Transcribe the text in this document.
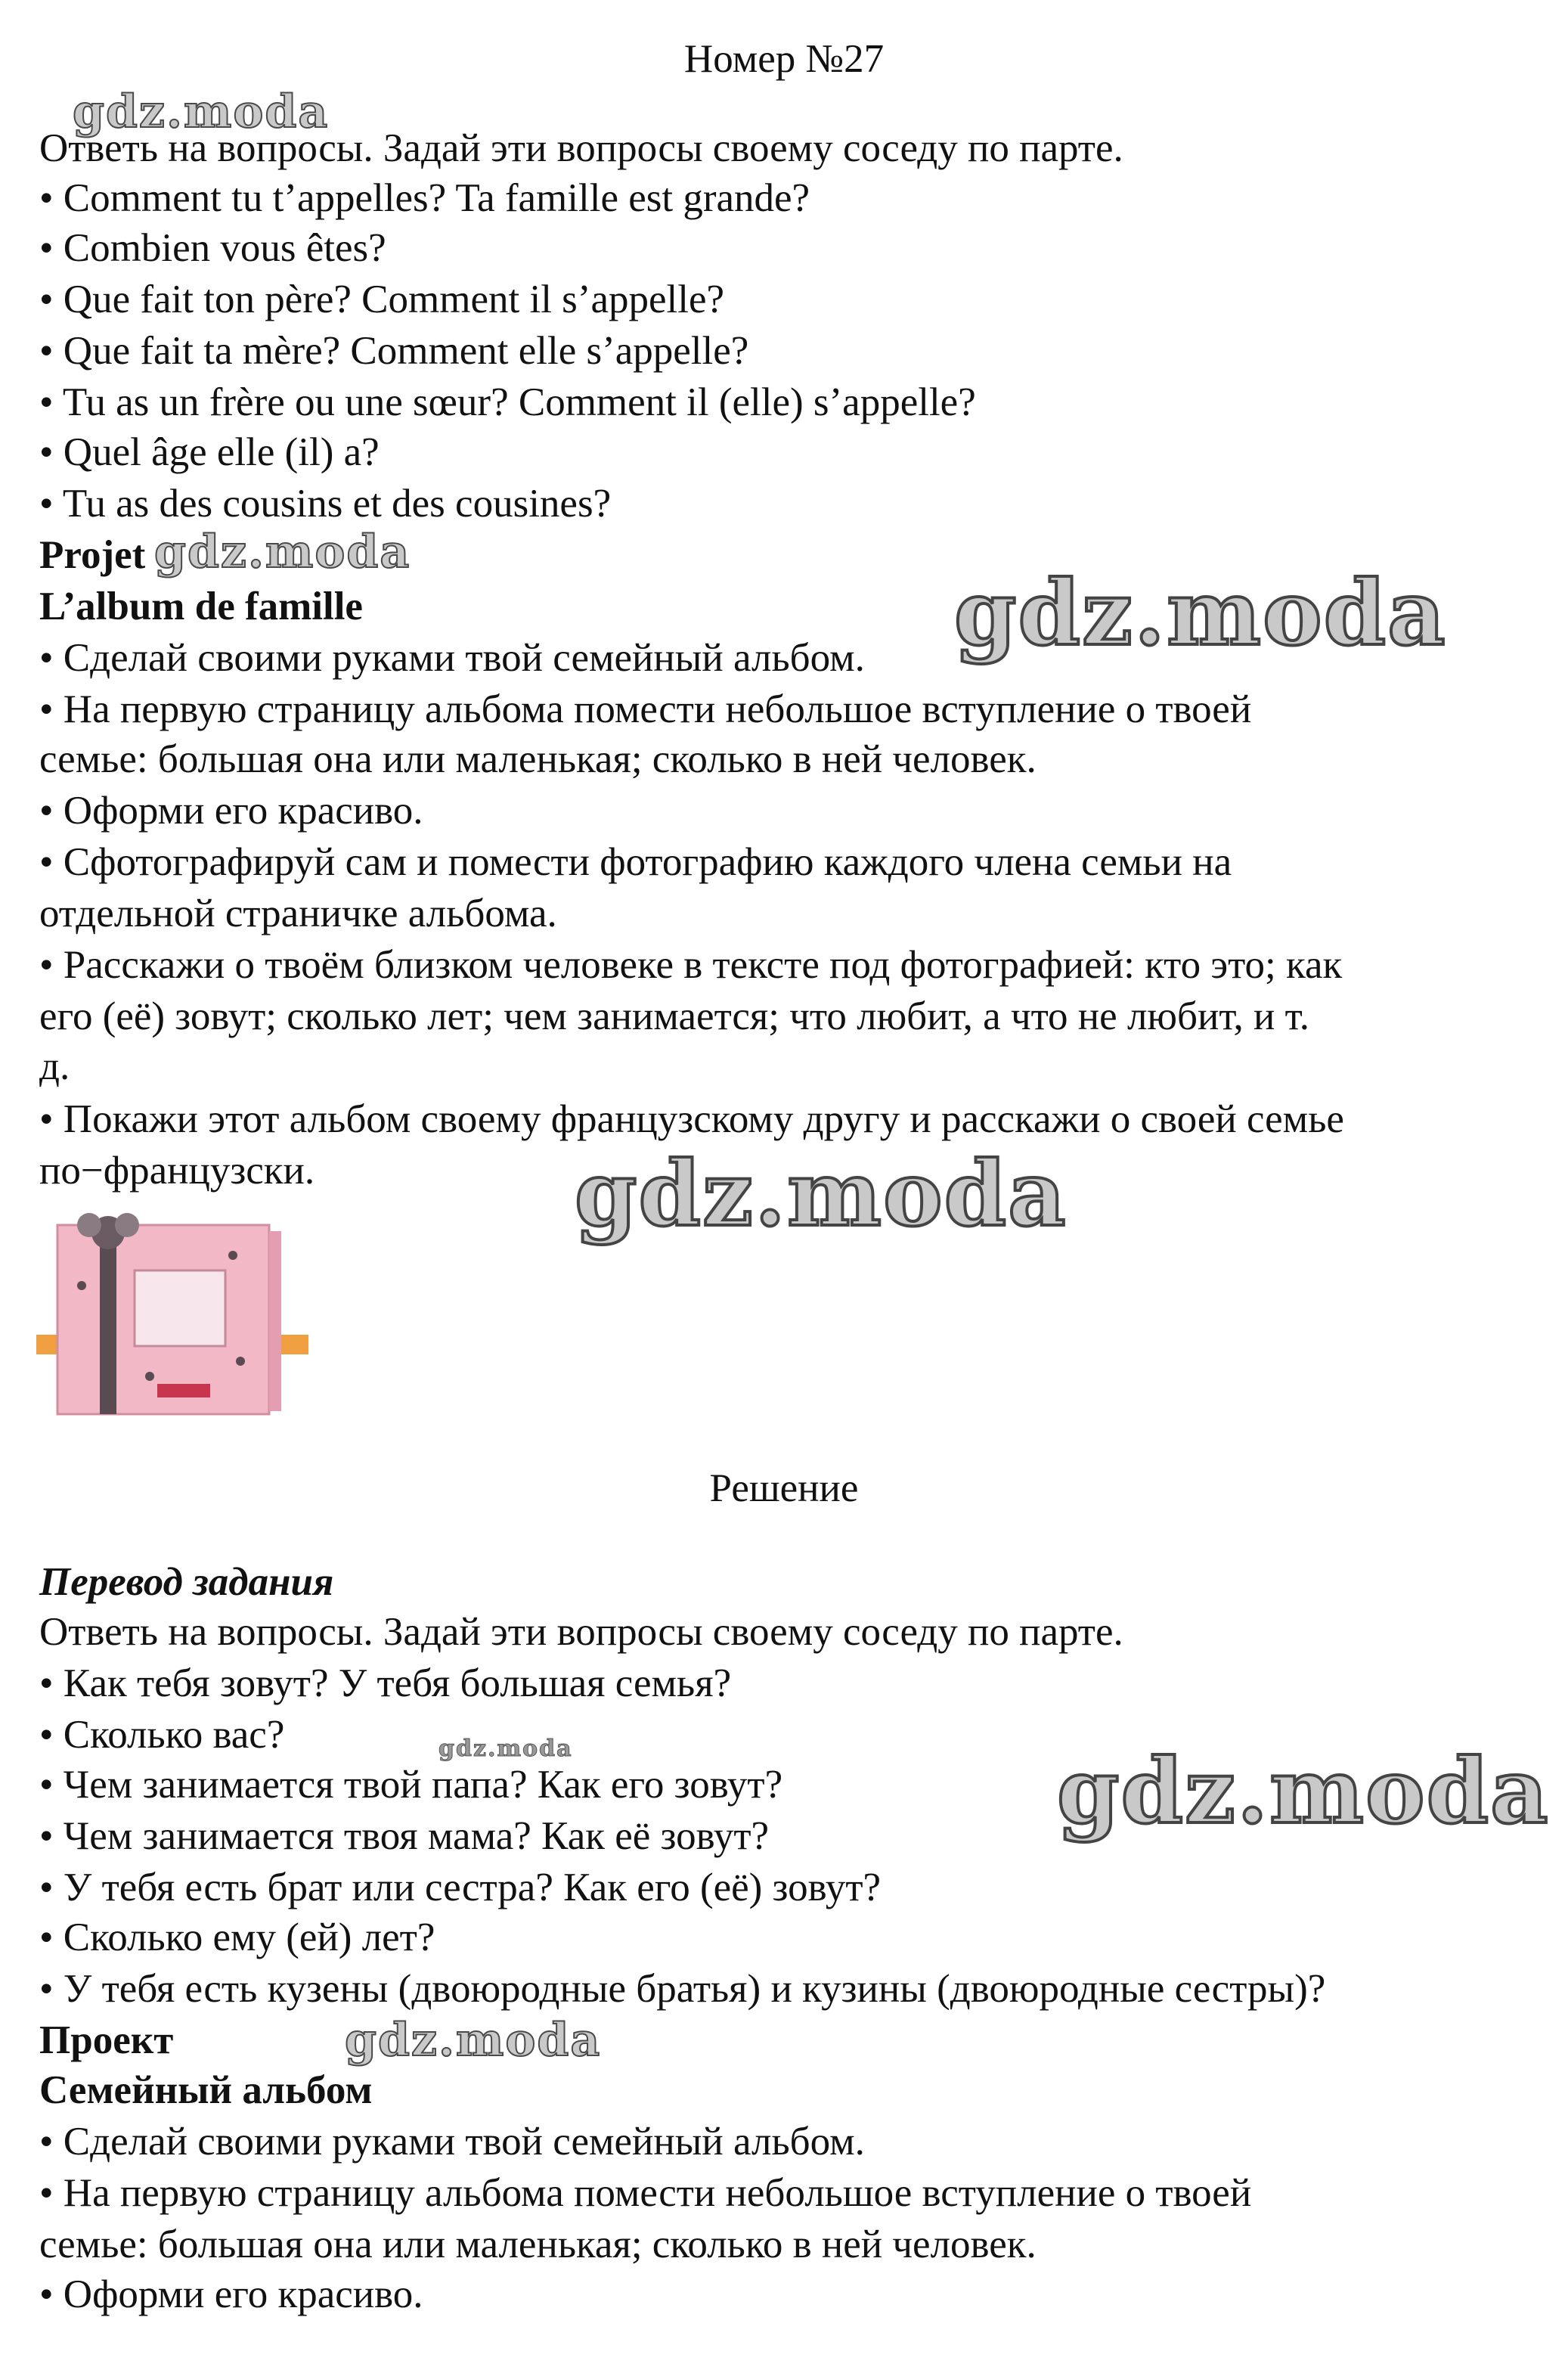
Номер №27
Ответь на вопросы. Задай эти вопросы своему соседу по парте.
• Comment tu t’appelles? Ta famille est grande?
• Combien vous êtes?
• Que fait ton père? Comment il s’appelle?
• Que fait ta mère? Comment elle s’appelle?
• Tu as un frère ou une sœur? Comment il (elle) s’appelle?
• Quel âge elle (il) a?
• Tu as des cousins et des cousines?
Projet
L’album de famille
• Сделай своими руками твой семейный альбом.
• На первую страницу альбома помести небольшое вступление о твоей
семье: большая она или маленькая; сколько в ней человек.
• Оформи его красиво.
• Сфотографируй сам и помести фотографию каждого члена семьи на
отдельной страничке альбома.
• Расскажи о твоём близком человеке в тексте под фотографией: кто это; как
его (её) зовут; сколько лет; чем занимается; что любит, а что не любит, и т.
д.
• Покажи этот альбом своему французскому другу и расскажи о своей семье
по−французски.
Решение
Перевод задания
Ответь на вопросы. Задай эти вопросы своему соседу по парте.
• Как тебя зовут? У тебя большая семья?
• Сколько вас?
• Чем занимается твой папа? Как его зовут?
• Чем занимается твоя мама? Как её зовут?
• У тебя есть брат или сестра? Как его (её) зовут?
• Сколько ему (ей) лет?
• У тебя есть кузены (двоюродные братья) и кузины (двоюродные сестры)?
Проект
Семейный альбом
• Сделай своими руками твой семейный альбом.
• На первую страницу альбома помести небольшое вступление о твоей
семье: большая она или маленькая; сколько в ней человек.
• Оформи его красиво.
gdz.moda
gdz.moda
gdz.moda
gdz.moda
gdz.moda	gdz.moda
gdz.moda
